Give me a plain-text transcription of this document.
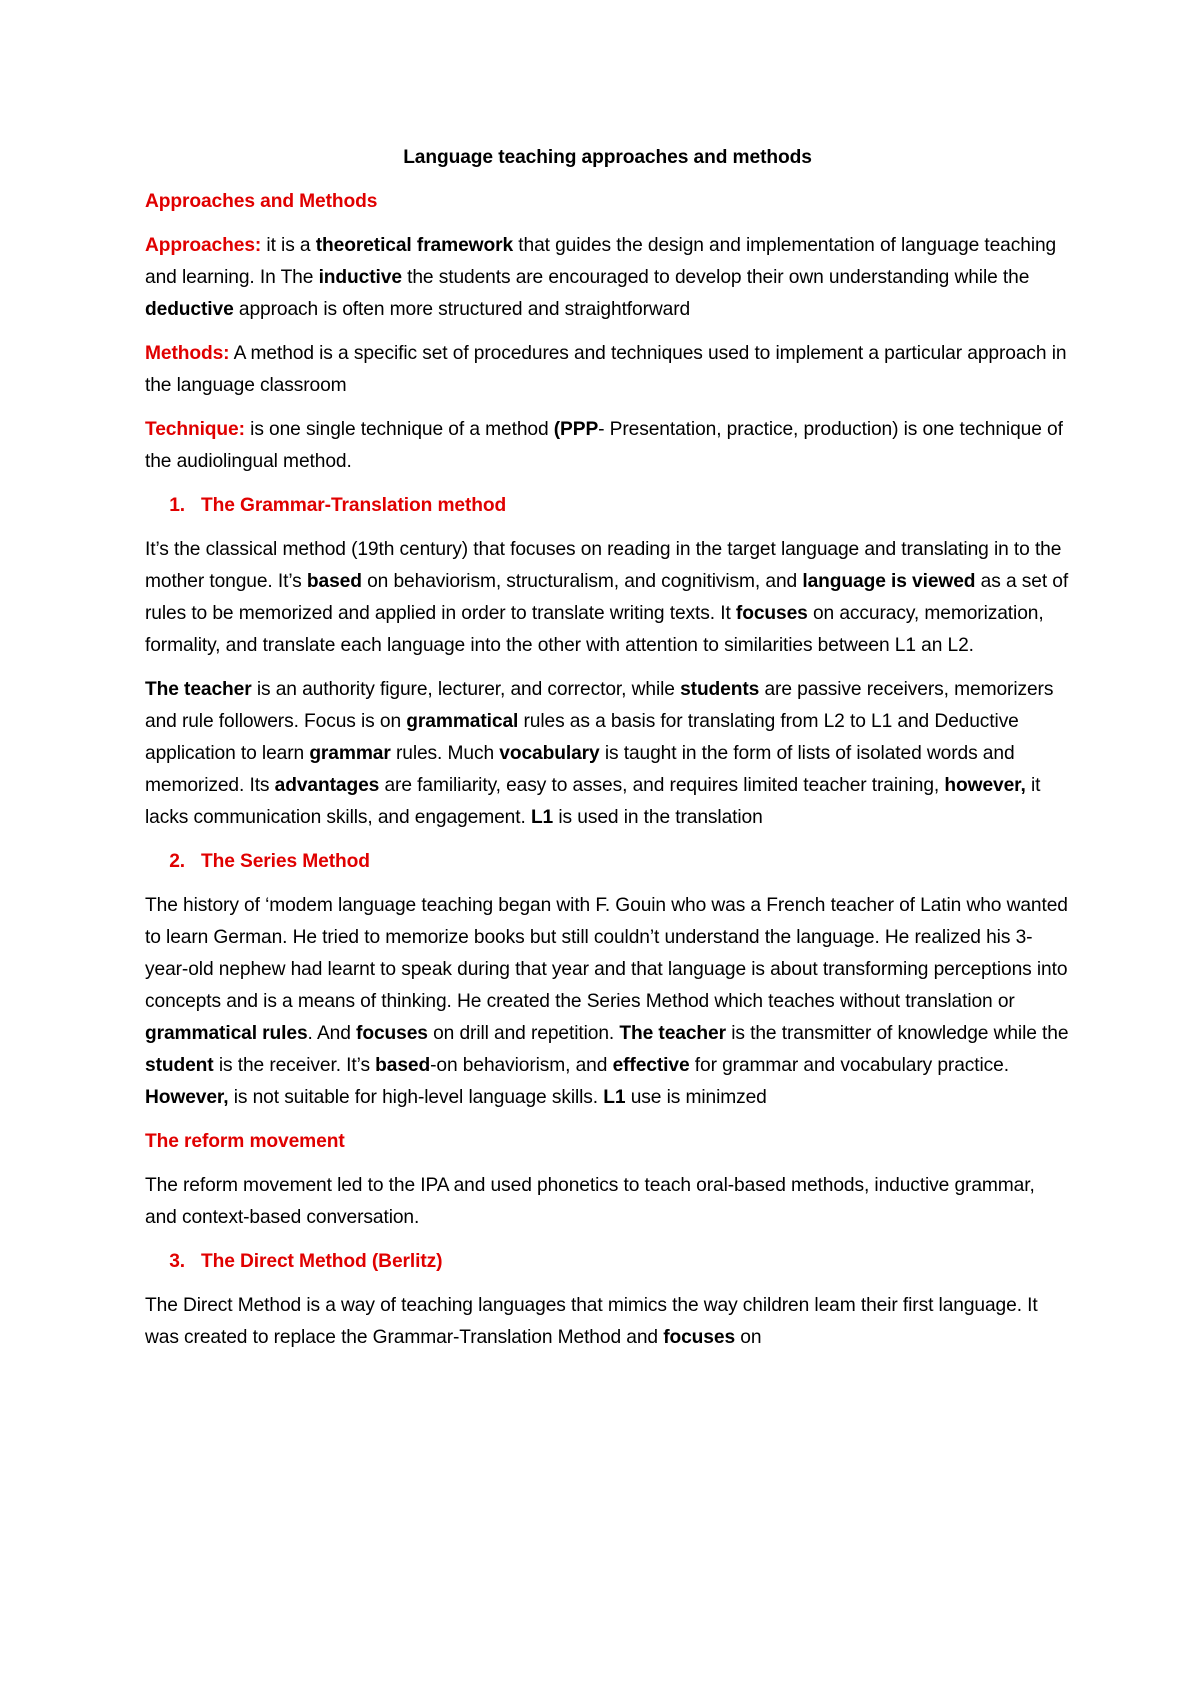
Language teaching approaches and methods
Approaches and Methods

Approaches: it is a theoretical framework that guides the design and implementation of language teaching and learning. In The inductive the students are encouraged to develop their own understanding while the deductive approach is often more structured and straightforward

Methods: A method is a specific set of procedures and techniques used to implement a particular approach in the language classroom

Technique: is one single technique of a method (PPP- Presentation, practice, production) is one technique of the audiolingual method.

1. The Grammar-Translation method

It’s the classical method (19th century) that focuses on reading in the target language and translating in to the mother tongue. It’s based on behaviorism, structuralism, and cognitivism, and language is viewed as a set of rules to be memorized and applied in order to translate writing texts. It focuses on accuracy, memorization, formality, and translate each language into the other with attention to similarities between L1 an L2.

The teacher is an authority figure, lecturer, and corrector, while students are passive receivers, memorizers and rule followers. Focus is on grammatical rules as a basis for translating from L2 to L1 and Deductive application to learn grammar rules. Much vocabulary is taught in the form of lists of isolated words and memorized. Its advantages are familiarity, easy to asses, and requires limited teacher training, however, it lacks communication skills, and engagement. L1 is used in the translation

2. The Series Method

The history of ‘modem language teaching began with F. Gouin who was a French teacher of Latin who wanted to learn German. He tried to memorize books but still couldn’t understand the language. He realized his 3-year-old nephew had learnt to speak during that year and that language is about transforming perceptions into concepts and is a means of thinking. He created the Series Method which teaches without translation or grammatical rules. And focuses on drill and repetition. The teacher is the transmitter of knowledge while the student is the receiver. It’s based-on behaviorism, and effective for grammar and vocabulary practice. However, is not suitable for high-level language skills. L1 use is minimzed

The reform movement

The reform movement led to the IPA and used phonetics to teach oral-based methods, inductive grammar, and context-based conversation.

3. The Direct Method (Berlitz)

The Direct Method is a way of teaching languages that mimics the way children leam their first language. It was created to replace the Grammar-Translation Method and focuses on
